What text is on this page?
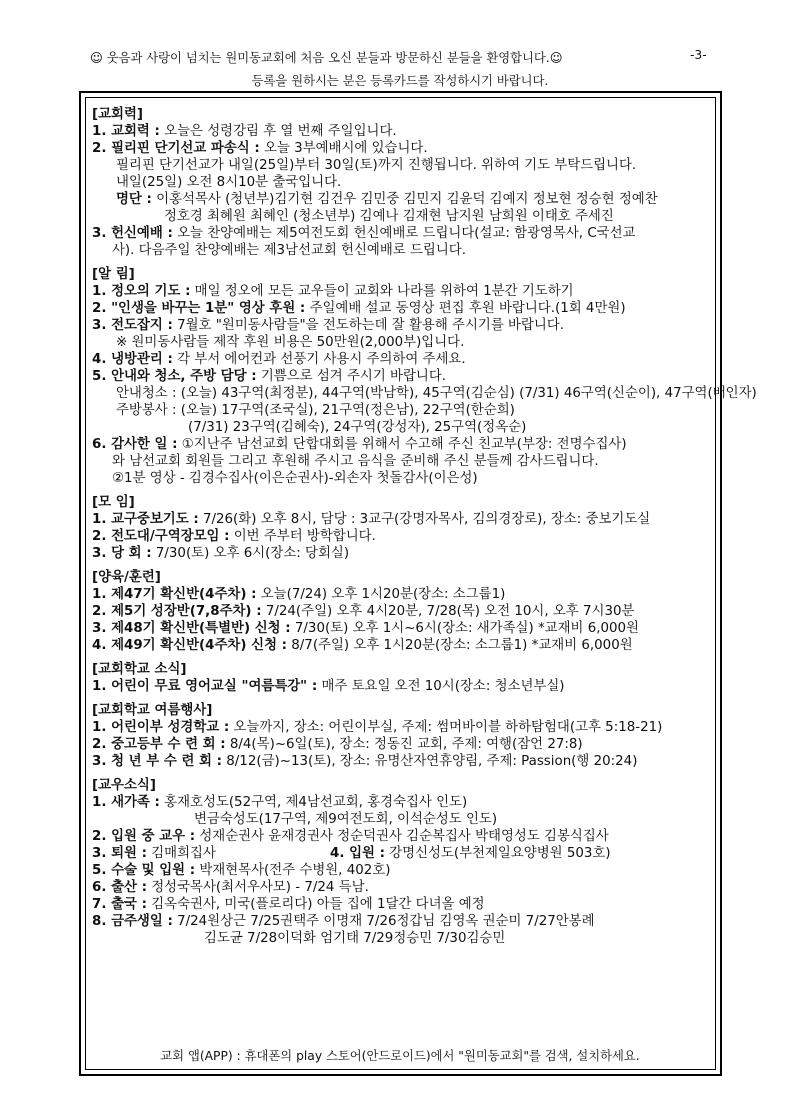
☺ 웃음과 사랑이 넘치는 원미동교회에 처음 오신 분들과 방문하신 분들을 환영합니다.☺	-3-
등록을 원하시는 분은 등록카드를 작성하시기 바랍니다.
[교회력]
1. 교회력 : 오늘은 성령강림 후 열 번째 주일입니다.
2. 필리핀 단기선교 파송식 : 오늘 3부예배시에 있습니다.
필리핀 단기선교가 내일(25일)부터 30일(토)까지 진행됩니다. 위하여 기도 부탁드립니다.
내일(25일) 오전 8시10분 출국입니다.
명단 : 이홍석목사 (청년부)김기현 김건우 김민중 김민지 김윤덕 김예지 정보현 정승현 정예찬
정호경 최혜원 최혜인 (청소년부) 김예나 김재현 남지원 남희원 이태호 주세진
3. 헌신예배 : 오늘 찬양예배는 제5여전도회 헌신예배로 드립니다(설교: 함광영목사, C국선교
사). 다음주일 찬양예배는 제3남선교회 헌신예배로 드립니다.
[알 림]
1. 정오의 기도 : 매일 정오에 모든 교우들이 교회와 나라를 위하여 1분간 기도하기
2. "인생을 바꾸는 1분" 영상 후원 : 주일예배 설교 동영상 편집 후원 바랍니다.(1회 4만원)
3. 전도잡지 : 7월호 "원미동사람들"을 전도하는데 잘 활용해 주시기를 바랍니다.
※ 원미동사람들 제작 후원 비용은 50만원(2,000부)입니다.
4. 냉방관리 : 각 부서 에어컨과 선풍기 사용시 주의하여 주세요.
5. 안내와 청소, 주방 담당 : 기쁨으로 섬겨 주시기 바랍니다.
안내청소 : (오늘) 43구역(최정분), 44구역(박남학), 45구역(김순심) (7/31) 46구역(신순이), 47구역(배인자)
주방봉사 : (오늘) 17구역(조국실), 21구역(정은남), 22구역(한순희)
(7/31) 23구역(김혜숙), 24구역(강성자), 25구역(정옥순)
6. 감사한 일 : ①지난주 남선교회 단합대회를 위해서 수고해 주신 친교부(부장: 전명수집사)
와 남선교회 회원들 그리고 후원해 주시고 음식을 준비해 주신 분들께 감사드립니다.
②1분 영상 - 김경수집사(이은순권사)-외손자 첫돌감사(이은성)
[모 임]
1. 교구중보기도 : 7/26(화) 오후 8시, 담당 : 3교구(강명자목사, 김의경장로), 장소: 중보기도실
2. 전도대/구역장모임 : 이번 주부터 방학합니다.
3. 당 회 : 7/30(토) 오후 6시(장소: 당회실)
[양육/훈련]
1. 제47기 확신반(4주차) : 오늘(7/24) 오후 1시20분(장소: 소그룹1)
2. 제5기 성장반(7,8주차) : 7/24(주일) 오후 4시20분, 7/28(목) 오전 10시, 오후 7시30분
3. 제48기 확신반(특별반) 신청 : 7/30(토) 오후 1시~6시(장소: 새가족실) *교재비 6,000원
4. 제49기 확신반(4주차) 신청 : 8/7(주일) 오후 1시20분(장소: 소그룹1) *교재비 6,000원
[교회학교 소식]
1. 어린이 무료 영어교실 "여름특강" : 매주 토요일 오전 10시(장소: 청소년부실)
[교회학교 여름행사]
1. 어린이부 성경학교 : 오늘까지, 장소: 어린이부실, 주제: 썸머바이블 하하탐험대(고후 5:18-21)
2. 중고등부 수 련 회 : 8/4(목)~6일(토), 장소: 정동진 교회, 주제: 여행(잠언 27:8)
3. 청 년 부 수 련 회 : 8/12(금)~13(토), 장소: 유명산자연휴양림, 주제: Passion(행 20:24)
[교우소식]
1. 새가족 : 홍재호성도(52구역, 제4남선교회, 홍경숙집사 인도)
변금숙성도(17구역, 제9여전도회, 이석순성도 인도)
2. 입원 중 교우 : 성재순권사 윤재경권사 정순덕권사 김순복집사 박태영성도 김봉식집사
3. 퇴원 : 김매희집사	4. 입원 : 강명신성도(부천제일요양병원 503호)
5. 수술 및 입원 : 박재현목사(전주 수병원, 402호)
6. 출산 : 정성국목사(최서우사모) - 7/24 득남.
7. 출국 : 김옥숙권사, 미국(플로리다) 아들 집에 1달간 다녀올 예정
8. 금주생일 : 7/24원상근 7/25권택주 이명재 7/26정갑님 김영옥 권순미 7/27안봉례
김도균 7/28이덕화 엄기태 7/29정승민 7/30김승민
교회 앱(APP) : 휴대폰의 play 스토어(안드로이드)에서 "원미동교회"를 검색, 설치하세요.
